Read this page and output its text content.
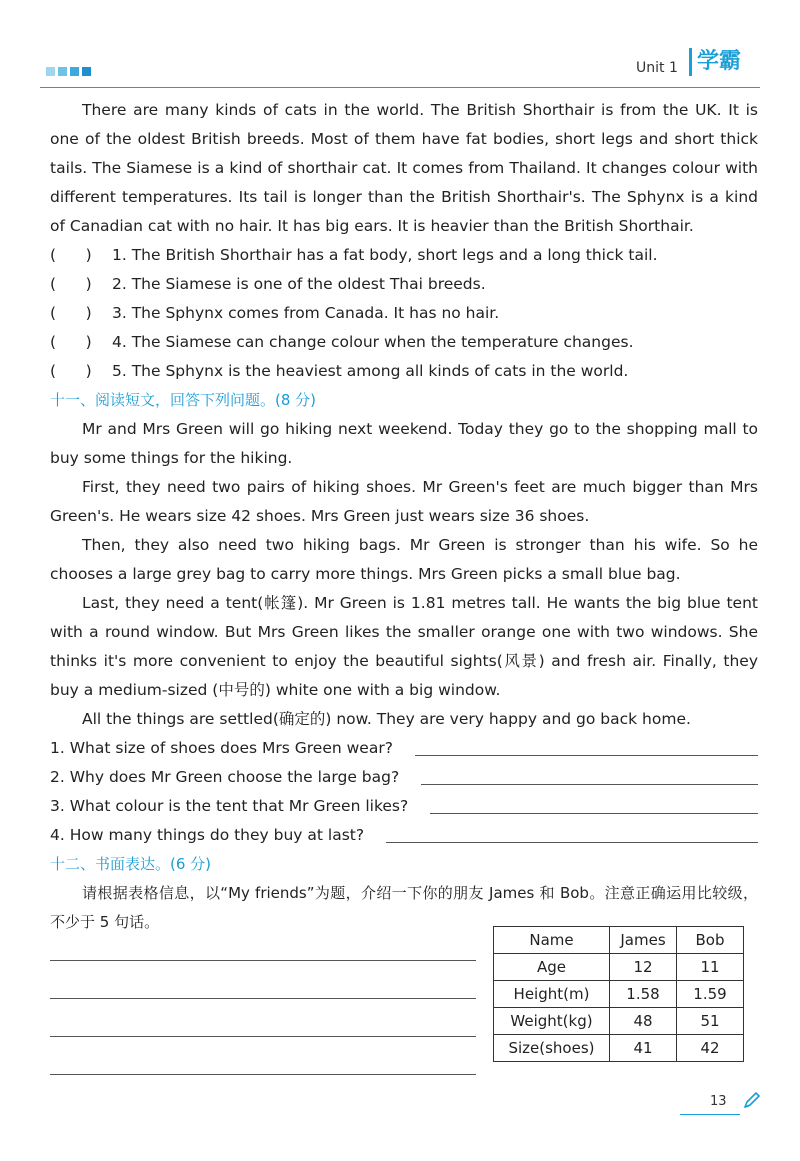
Unit 1 学霸

There are many kinds of cats in the world. The British Shorthair is from the UK. It is one of the oldest British breeds. Most of them have fat bodies, short legs and short thick tails. The Siamese is a kind of shorthair cat. It comes from Thailand. It changes colour with different temperatures. Its tail is longer than the British Shorthair's. The Sphynx is a kind of Canadian cat with no hair. It has big ears. It is heavier than the British Shorthair.

(      )	1. The British Shorthair has a fat body, short legs and a long thick tail.
(      )	2. The Siamese is one of the oldest Thai breeds.
(      )	3. The Sphynx comes from Canada. It has no hair.
(      )	4. The Siamese can change colour when the temperature changes.
(      )	5. The Sphynx is the heaviest among all kinds of cats in the world.

十一、阅读短文，回答下列问题。(8 分)

Mr and Mrs Green will go hiking next weekend. Today they go to the shopping mall to buy some things for the hiking.

First, they need two pairs of hiking shoes. Mr Green's feet are much bigger than Mrs Green's. He wears size 42 shoes. Mrs Green just wears size 36 shoes.

Then, they also need two hiking bags. Mr Green is stronger than his wife. So he chooses a large grey bag to carry more things. Mrs Green picks a small blue bag.

Last, they need a tent(帐篷). Mr Green is 1.81 metres tall. He wants the big blue tent with a round window. But Mrs Green likes the smaller orange one with two windows. She thinks it's more convenient to enjoy the beautiful sights(风景) and fresh air. Finally, they buy a medium-sized (中号的) white one with a big window.

All the things are settled(确定的) now. They are very happy and go back home.

1. What size of shoes does Mrs Green wear?
2. Why does Mr Green choose the large bag?
3. What colour is the tent that Mr Green likes?
4. How many things do they buy at last?

十二、书面表达。(6 分)

请根据表格信息，以“My friends”为题，介绍一下你的朋友 James 和 Bob。注意正确运用比较级，不少于 5 句话。

Name	James	Bob
Age	12	11
Height(m)	1.58	1.59
Weight(kg)	48	51
Size(shoes)	41	42
13
